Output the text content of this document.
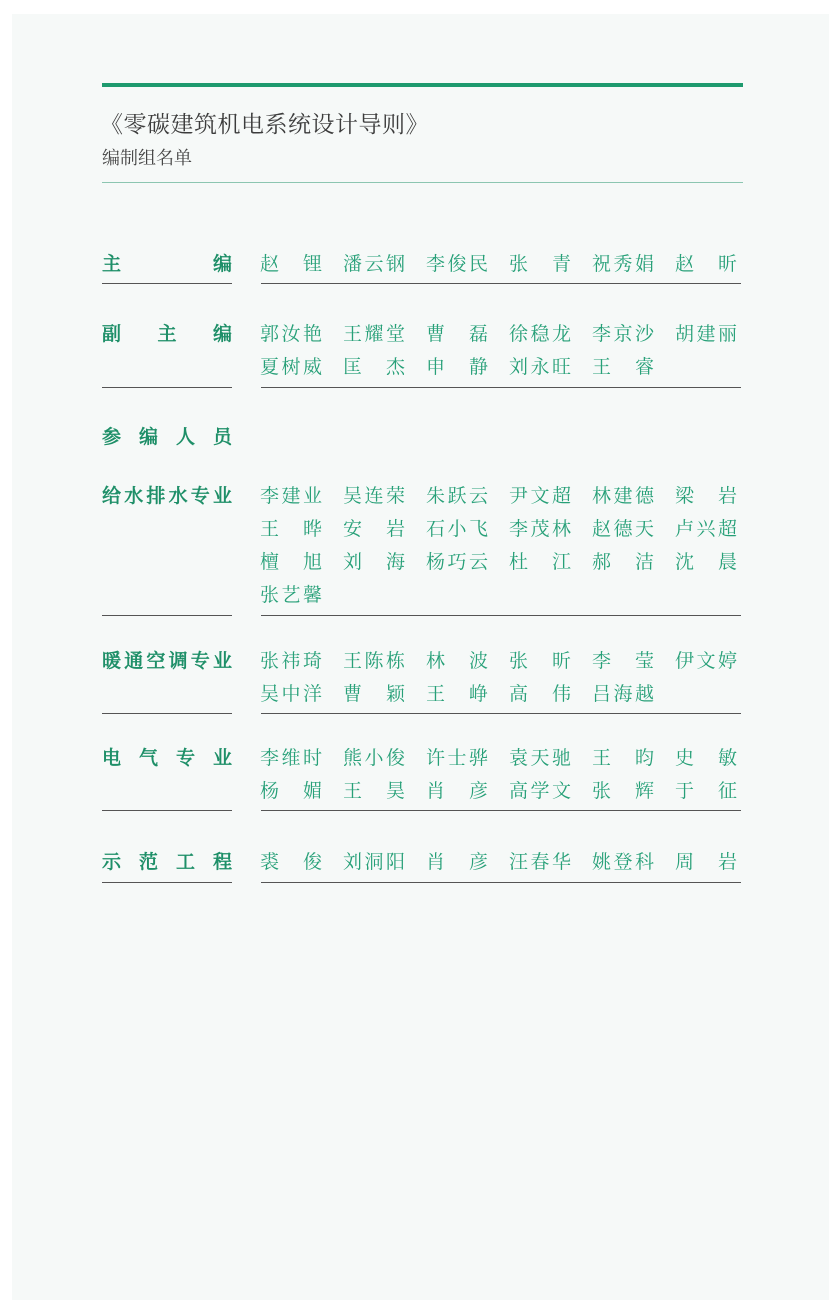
《零碳建筑机电系统设计导则》
编制组名单
主	编 赵 锂 潘 云 钢 李 俊 民 张 青 祝 秀 娟 赵 昕
副 主 编 郭 汝 艳 王 耀 堂 曹 磊 徐 稳 龙 李 京 沙 胡 建 丽
夏 树 威 匡 杰 申 静 刘 永 旺 王 睿
参 编 人 员
给 水 排 水 专 业 李 建 业 吴 连 荣 朱 跃 云 尹 文 超 林 建 德 梁 岩
王 晔 安 岩 石 小 飞 李 茂 林 赵 德 天 卢 兴 超
檀 旭 刘 海 杨 巧 云 杜 江 郝 洁 沈 晨
张 艺 馨
暖 通 空 调 专 业 张 祎 琦 王 陈 栋 林 波 张 昕 李 莹 伊 文 婷
吴 中 洋 曹 颖 王 峥 高 伟 吕 海 越
电 气 专 业 李 维 时 熊 小 俊 许 士 骅 袁 天 驰 王 昀 史 敏
杨 媚 王 昊 肖 彦 高 学 文 张 辉 于 征
示 范 工 程 裘 俊 刘 洞 阳 肖 彦 汪 春 华 姚 登 科 周 岩
